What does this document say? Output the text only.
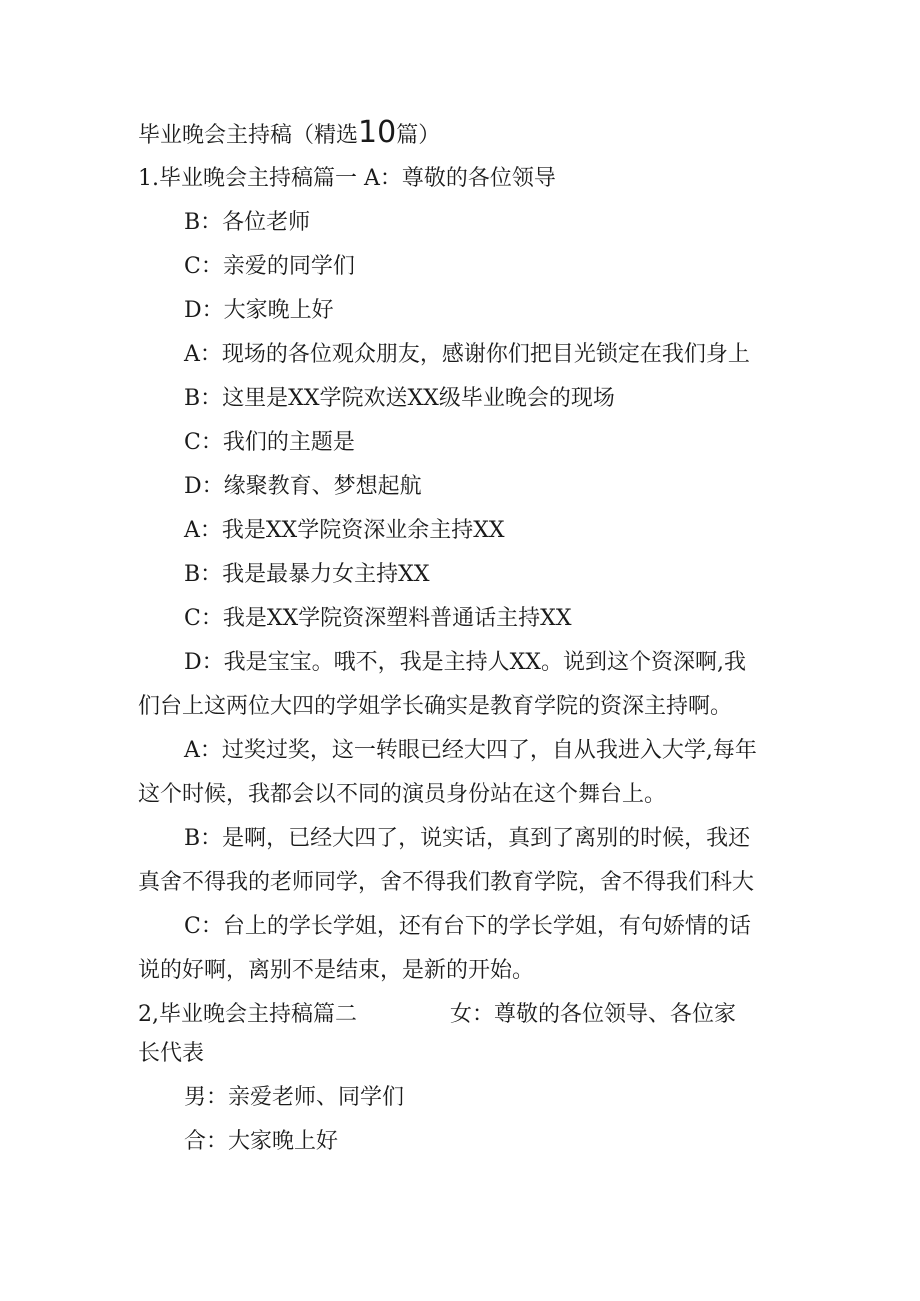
毕业晚会主持稿（精选10篇）
1.毕业晚会主持稿篇一 A：尊敬的各位领导
B：各位老师
C：亲爱的同学们
D：大家晚上好
A：现场的各位观众朋友，感谢你们把目光锁定在我们身上
B：这里是XX学院欢送XX级毕业晚会的现场
C：我们的主题是
D：缘聚教育、梦想起航
A：我是XX学院资深业余主持XX
B：我是最暴力女主持XX
C：我是XX学院资深塑料普通话主持XX
D：我是宝宝。哦不，我是主持人XX。说到这个资深啊,我
们台上这两位大四的学姐学长确实是教育学院的资深主持啊。
A：过奖过奖，这一转眼已经大四了，自从我进入大学,每年
这个时候，我都会以不同的演员身份站在这个舞台上。
B：是啊，已经大四了，说实话，真到了离别的时候，我还
真舍不得我的老师同学，舍不得我们教育学院，舍不得我们科大
C：台上的学长学姐，还有台下的学长学姐，有句娇情的话
说的好啊，离别不是结束，是新的开始。
2,毕业晚会主持稿篇二	女：尊敬的各位领导、各位家
长代表
男：亲爱老师、同学们
合：大家晚上好
